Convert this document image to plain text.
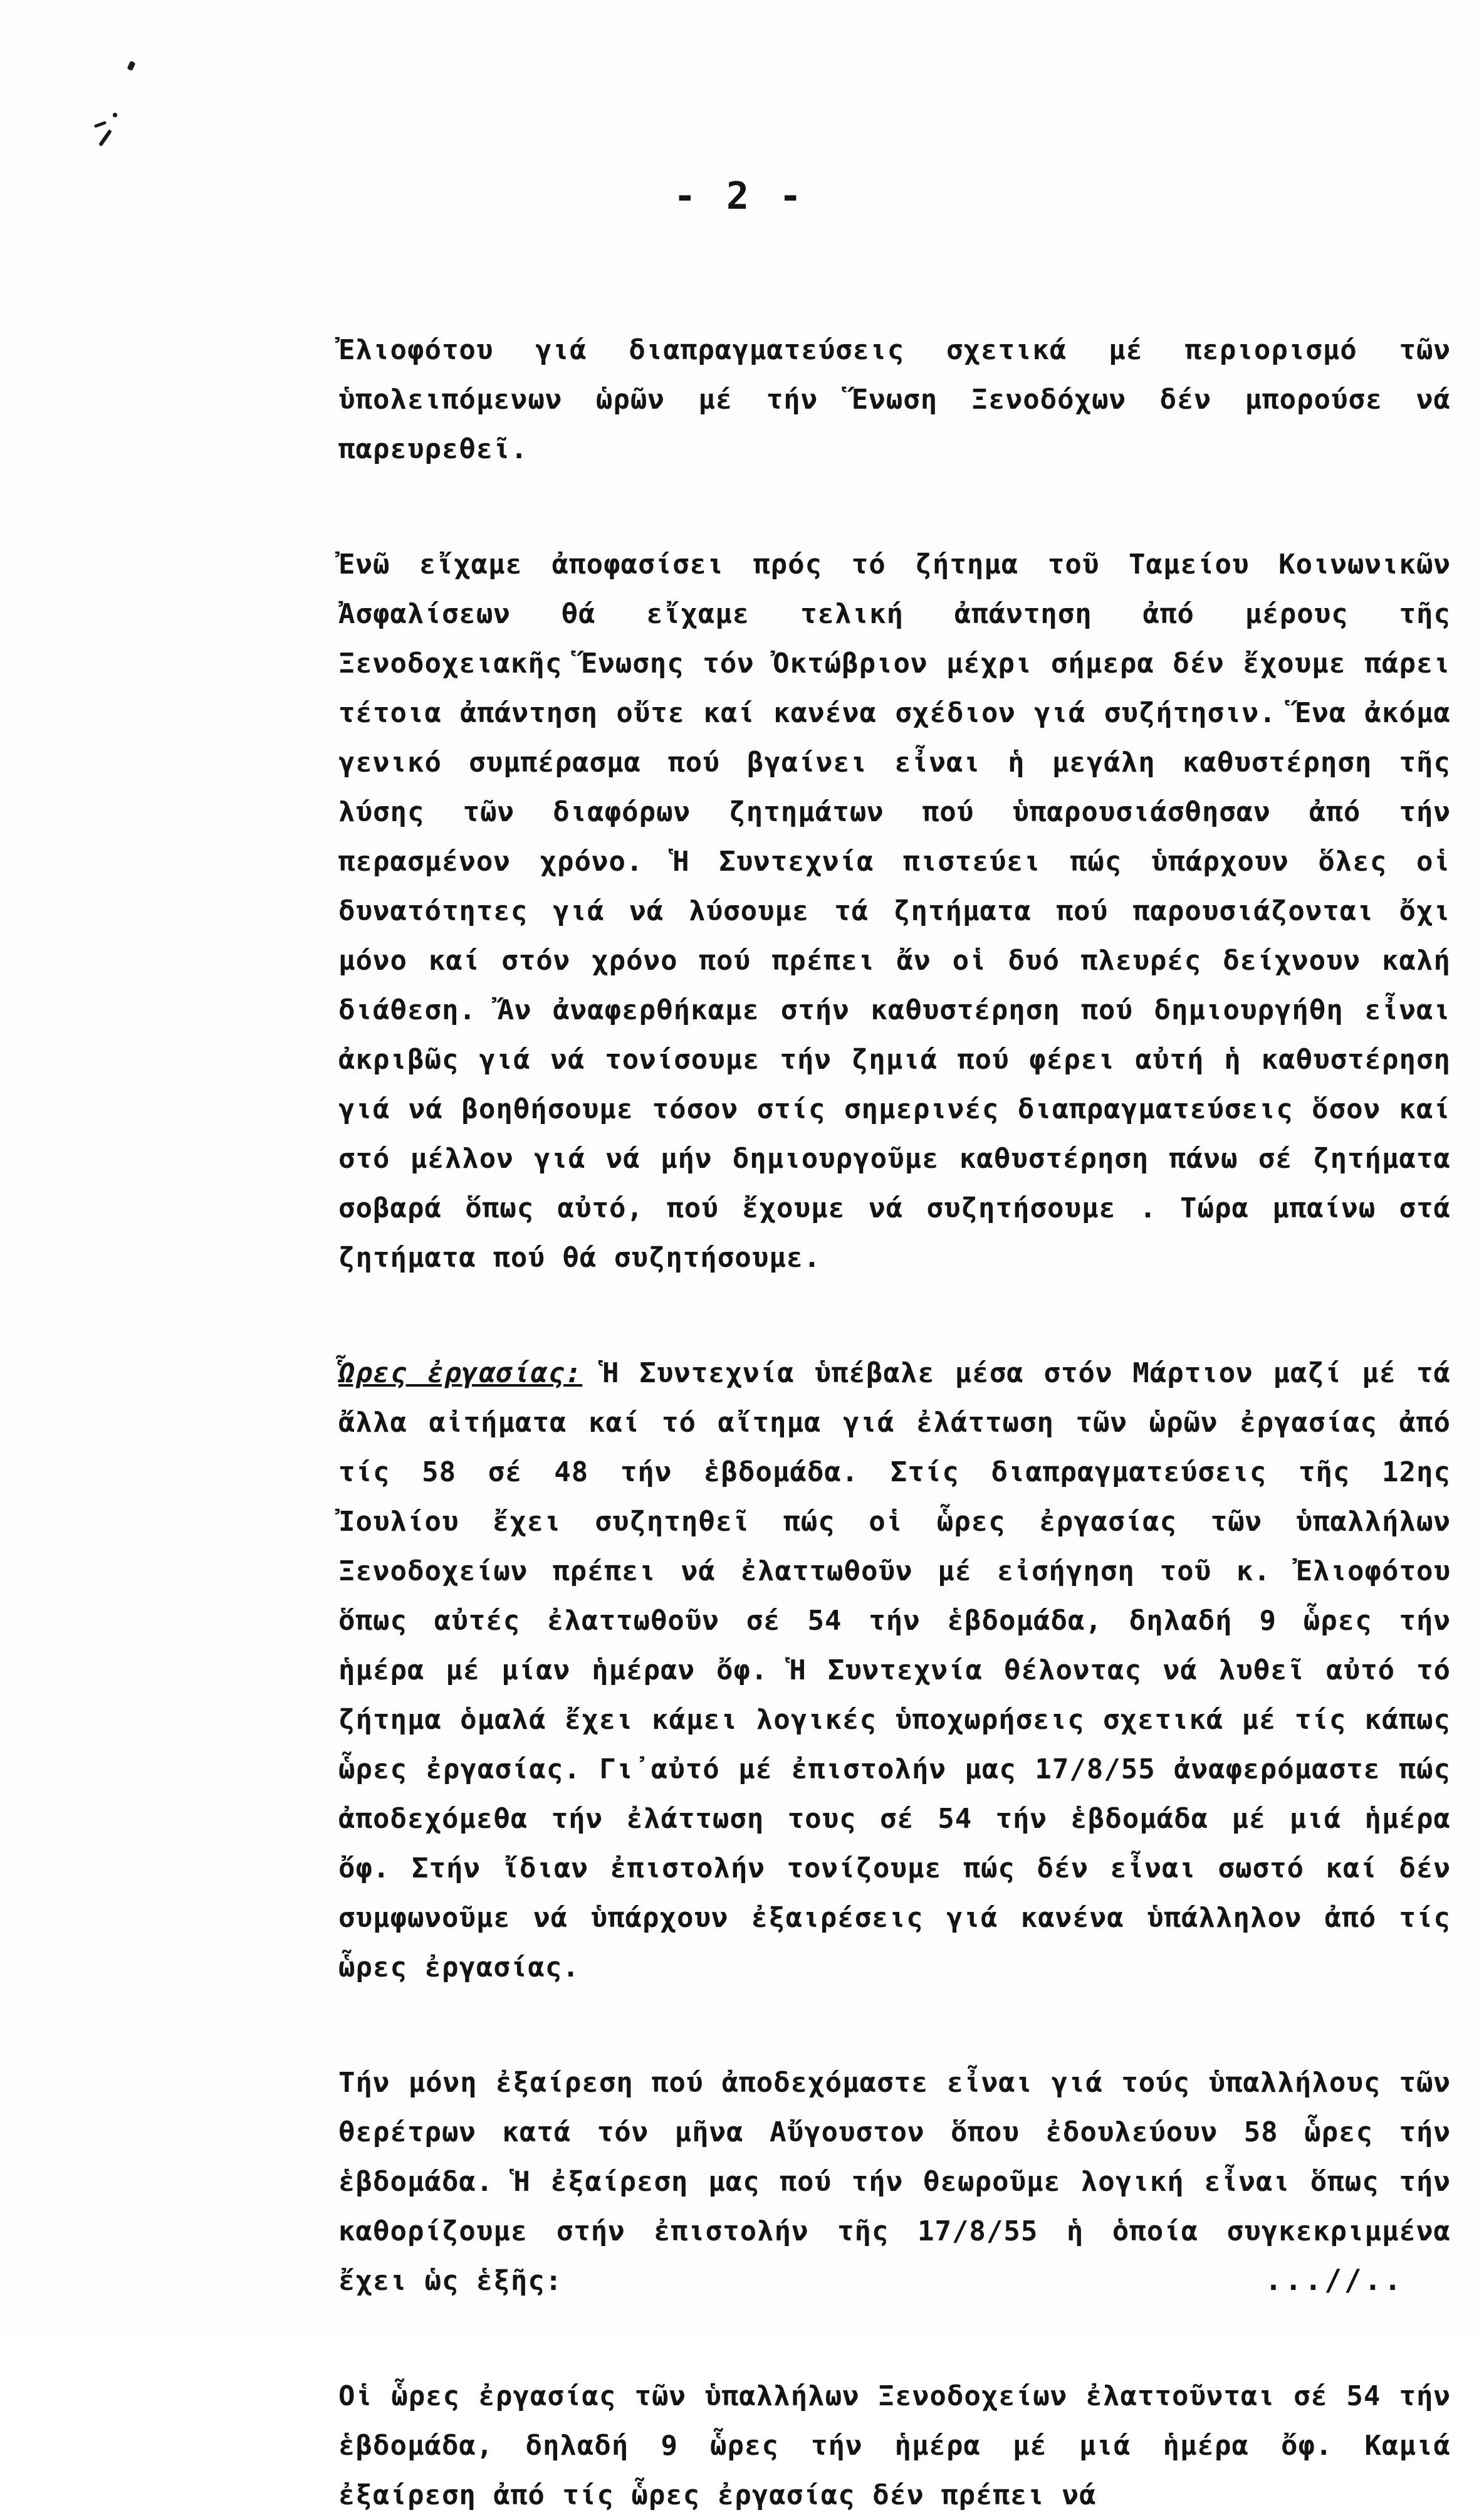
- 2 -

Ἐλιοφότου γιά διαπραγματεύσεις σχετικά μέ περιορισμό τῶν ὑπολειπόμενων ὡρῶν μέ τήν Ἕνωση Ξενοδόχων δέν μπορούσε νά παρευρεθεῖ.

Ἐνῶ εἴχαμε ἀποφασίσει πρός τό ζήτημα τοῦ Ταμείου Κοινωνικῶν Ἀσφαλίσεων θά εἴχαμε τελική ἀπάντηση ἀπό μέρους τῆς Ξενοδοχειακῆς Ἕνωσης τόν Ὀκτώβριον μέχρι σήμερα δέν ἔχουμε πάρει τέτοια ἀπάντηση οὔτε καί κανένα σχέδιον γιά συζήτησιν. Ἕνα ἀκόμα γενικό συμπέρασμα πού βγαίνει εἶναι ἡ μεγάλη καθυστέρηση τῆς λύσης τῶν διαφόρων ζητημάτων πού ὑπαρουσιάσθησαν ἀπό τήν περασμένον χρόνο. Ἡ Συντεχνία πιστεύει πώς ὑπάρχουν ὅλες οἱ δυνατότητες γιά νά λύσουμε τά ζητήματα πού παρουσιάζονται ὄχι μόνο καί στόν χρόνο πού πρέπει ἄν οἱ δυό πλευρές δείχνουν καλή διάθεση. Ἄν ἀναφερθήκαμε στήν καθυστέρηση πού δημιουργήθη εἶναι ἀκριβῶς γιά νά τονίσουμε τήν ζημιά πού φέρει αὐτή ἡ καθυστέρηση γιά νά βοηθήσουμε τόσον στίς σημερινές διαπραγματεύσεις ὅσον καί στό μέλλον γιά νά μήν δημιουργοῦμε καθυστέρηση πάνω σέ ζητήματα σοβαρά ὅπως αὐτό, πού ἔχουμε νά συζητήσουμε . Τώρα μπαίνω στά ζητήματα πού θά συζητήσουμε.

Ὧρες ἐργασίας: Ἡ Συντεχνία ὑπέβαλε μέσα στόν Μάρτιον μαζί μέ τά ἄλλα αἰτήματα καί τό αἴτημα γιά ἐλάττωση τῶν ὡρῶν ἐργασίας ἀπό τίς 58 σέ 48 τήν ἑβδομάδα. Στίς διαπραγματεύσεις τῆς 12ης Ἰουλίου ἔχει συζητηθεῖ πώς οἱ ὧρες ἐργασίας τῶν ὑπαλλήλων Ξενοδοχείων πρέπει νά ἐλαττωθοῦν μέ εἰσήγηση τοῦ κ. Ἐλιοφότου ὅπως αὐτές ἐλαττωθοῦν σέ 54 τήν ἑβδομάδα, δηλαδή 9 ὧρες τήν ἡμέρα μέ μίαν ἡμέραν ὄφ. Ἡ Συντεχνία θέλοντας νά λυθεῖ αὐτό τό ζήτημα ὁμαλά ἔχει κάμει λογικές ὑποχωρήσεις σχετικά μέ τίς κάπως ὧρες ἐργασίας. Γι᾽αὐτό μέ ἐπιστολήν μας 17/8/55 ἀναφερόμαστε πώς ἀποδεχόμεθα τήν ἐλάττωση τους σέ 54 τήν ἑβδομάδα μέ μιά ἡμέρα ὄφ. Στήν ἴδιαν ἐπιστολήν τονίζουμε πώς δέν εἶναι σωστό καί δέν συμφωνοῦμε νά ὑπάρχουν ἐξαιρέσεις γιά κανένα ὑπάλληλον ἀπό τίς ὧρες ἐργασίας.

Τήν μόνη ἐξαίρεση πού ἀποδεχόμαστε εἶναι γιά τούς ὑπαλλήλους τῶν θερέτρων κατά τόν μῆνα Αὔγουστον ὅπου ἐδουλεύουν 58 ὧρες τήν ἑβδομάδα. Ἡ ἐξαίρεση μας πού τήν θεωροῦμε λογική εἶναι ὅπως τήν καθορίζουμε στήν ἐπιστολήν τῆς 17/8/55 ἡ ὁποία συγκεκριμμένα ἔχει ὡς ἑξῆς:

Οἱ ὧρες ἐργασίας τῶν ὑπαλλήλων Ξενοδοχείων ἐλαττοῦνται σέ 54 τήν ἑβδομάδα, δηλαδή 9 ὧρες τήν ἡμέρα μέ μιά ἡμέρα ὄφ. Καμιά ἐξαίρεση ἀπό τίς ὧρες ἐργασίας δέν πρέπει νά

...//..
